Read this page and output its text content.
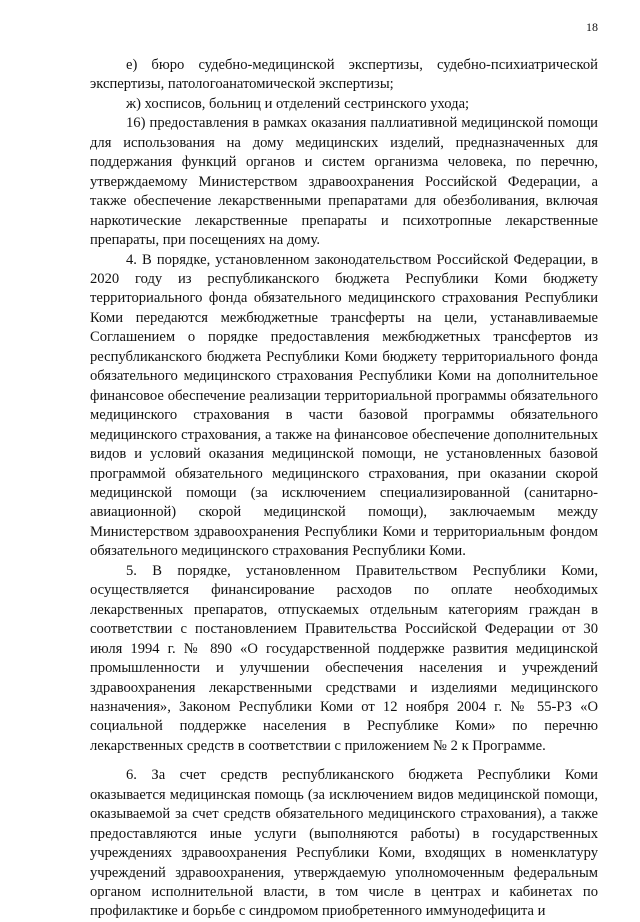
18

е) бюро судебно-медицинской экспертизы, судебно-психиатрической экспертизы, патологоанатомической экспертизы;

ж) хосписов, больниц и отделений сестринского ухода;

16) предоставления в рамках оказания паллиативной медицинской помощи для использования на дому медицинских изделий, предназначенных для поддержания функций органов и систем организма человека, по перечню, утверждаемому Министерством здравоохранения Российской Федерации, а также обеспечение лекарственными препаратами для обезболивания, включая наркотические лекарственные препараты и психотропные лекарственные препараты, при посещениях на дому.

4. В порядке, установленном законодательством Российской Федерации, в 2020 году из республиканского бюджета Республики Коми бюджету территориального фонда обязательного медицинского страхования Республики Коми передаются межбюджетные трансферты на цели, устанавливаемые Соглашением о порядке предоставления межбюджетных трансфертов из республиканского бюджета Республики Коми бюджету территориального фонда обязательного медицинского страхования Республики Коми на дополнительное финансовое обеспечение реализации территориальной программы обязательного медицинского страхования в части базовой программы обязательного медицинского страхования, а также на финансовое обеспечение дополнительных видов и условий оказания медицинской помощи, не установленных базовой программой обязательного медицинского страхования, при оказании скорой медицинской помощи (за исключением специализированной (санитарно-авиационной) скорой медицинской помощи), заключаемым между Министерством здравоохранения Республики Коми и территориальным фондом обязательного медицинского страхования Республики Коми.

5. В порядке, установленном Правительством Республики Коми, осуществляется финансирование расходов по оплате необходимых лекарственных препаратов, отпускаемых отдельным категориям граждан в соответствии с постановлением Правительства Российской Федерации от 30 июля 1994 г. № 890 «О государственной поддержке развития медицинской промышленности и улучшении обеспечения населения и учреждений здравоохранения лекарственными средствами и изделиями медицинского назначения», Законом Республики Коми от 12 ноября 2004 г. № 55-РЗ «О социальной поддержке населения в Республике Коми» по перечню лекарственных средств в соответствии с приложением № 2 к Программе.

6. За счет средств республиканского бюджета Республики Коми оказывается медицинская помощь (за исключением видов медицинской помощи, оказываемой за счет средств обязательного медицинского страхования), а также предоставляются иные услуги (выполняются работы) в государственных учреждениях здравоохранения Республики Коми, входящих в номенклатуру учреждений здравоохранения, утверждаемую уполномоченным федеральным органом исполнительной власти, в том числе в центрах и кабинетах по профилактике и борьбе с синдромом приобретенного иммунодефицита и
